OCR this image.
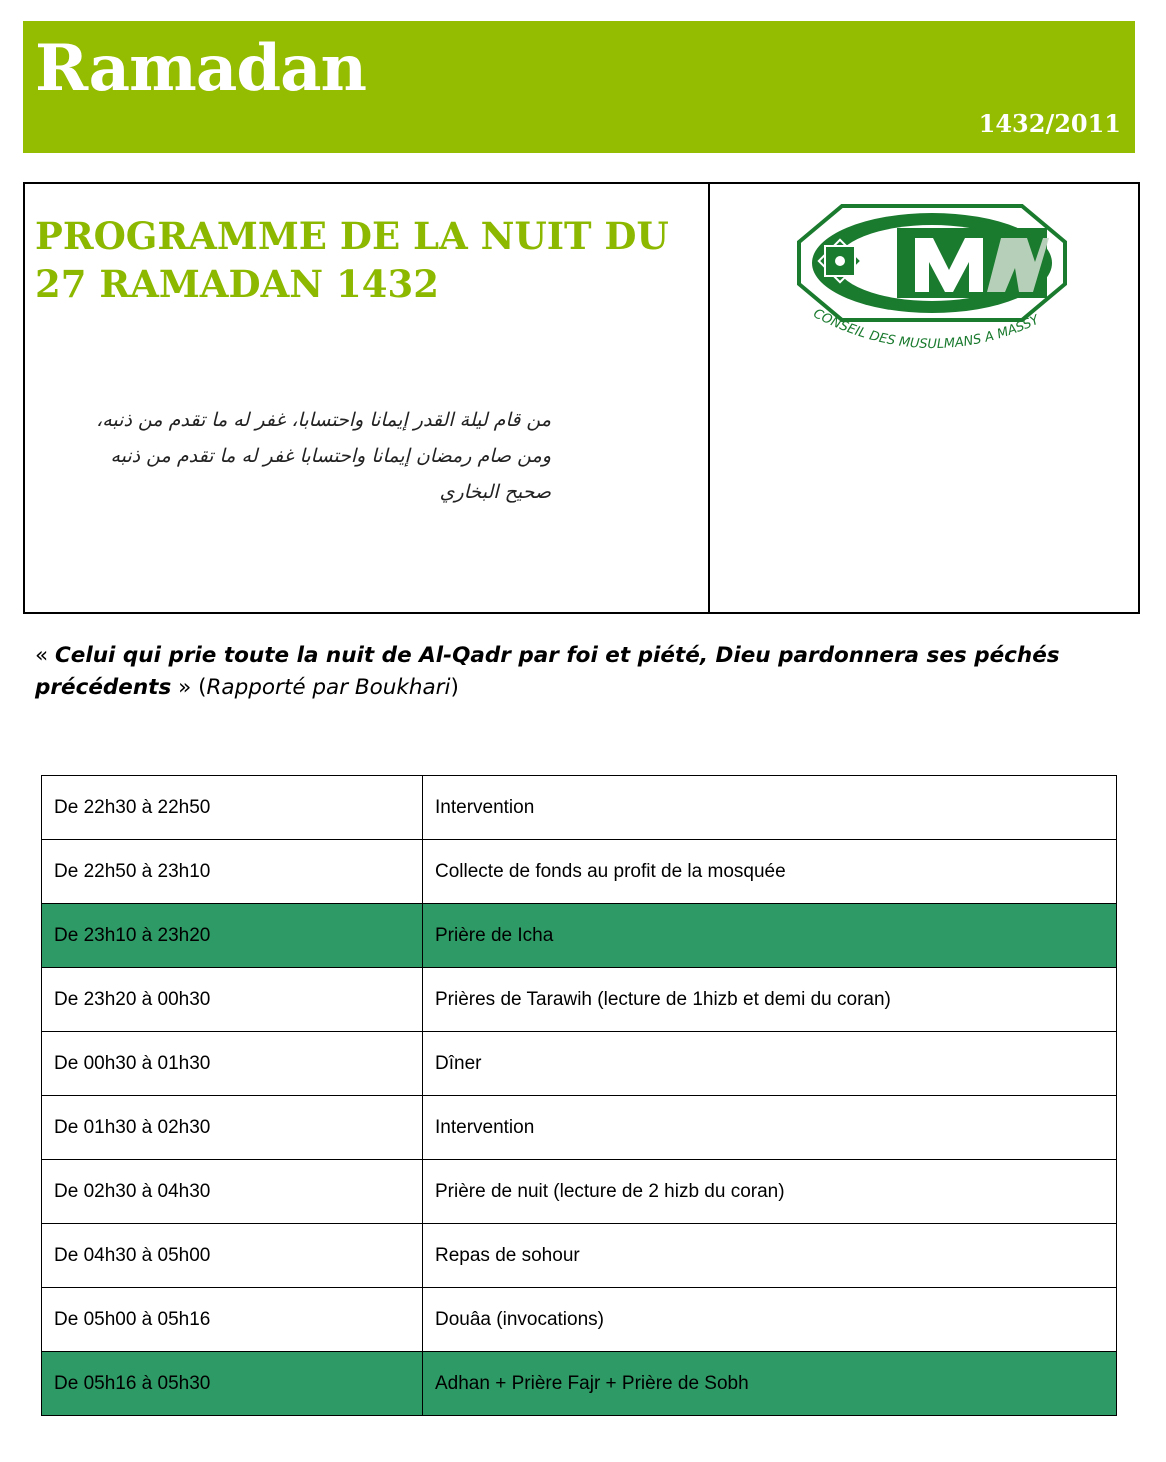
Ramadan
1432/2011
PROGRAMME DE LA NUIT DU
27 RAMADAN 1432
من قام ليلة القدر إيمانا واحتسابا، غفر له ما تقدم من ذنبه،
ومن صام رمضان إيمانا واحتسابا غفر له ما تقدم من ذنبه
صحيح البخاري
CONSEIL DES MUSULMANS A MASSY

« Celui qui prie toute la nuit de Al-Qadr par foi et piété, Dieu pardonnera ses péchés précédents » (Rapporté par Boukhari)

De 22h30 à 22h50	Intervention
De 22h50 à 23h10	Collecte de fonds au profit de la mosquée
De 23h10 à 23h20	Prière de Icha
De 23h20 à 00h30	Prières de Tarawih (lecture de 1hizb et demi du coran)
De 00h30 à 01h30	Dîner
De 01h30 à 02h30	Intervention
De 02h30 à 04h30	Prière de nuit (lecture de 2 hizb du coran)
De 04h30 à 05h00	Repas de sohour
De 05h00 à 05h16	Douâa (invocations)
De 05h16 à 05h30	Adhan + Prière Fajr + Prière de Sobh
